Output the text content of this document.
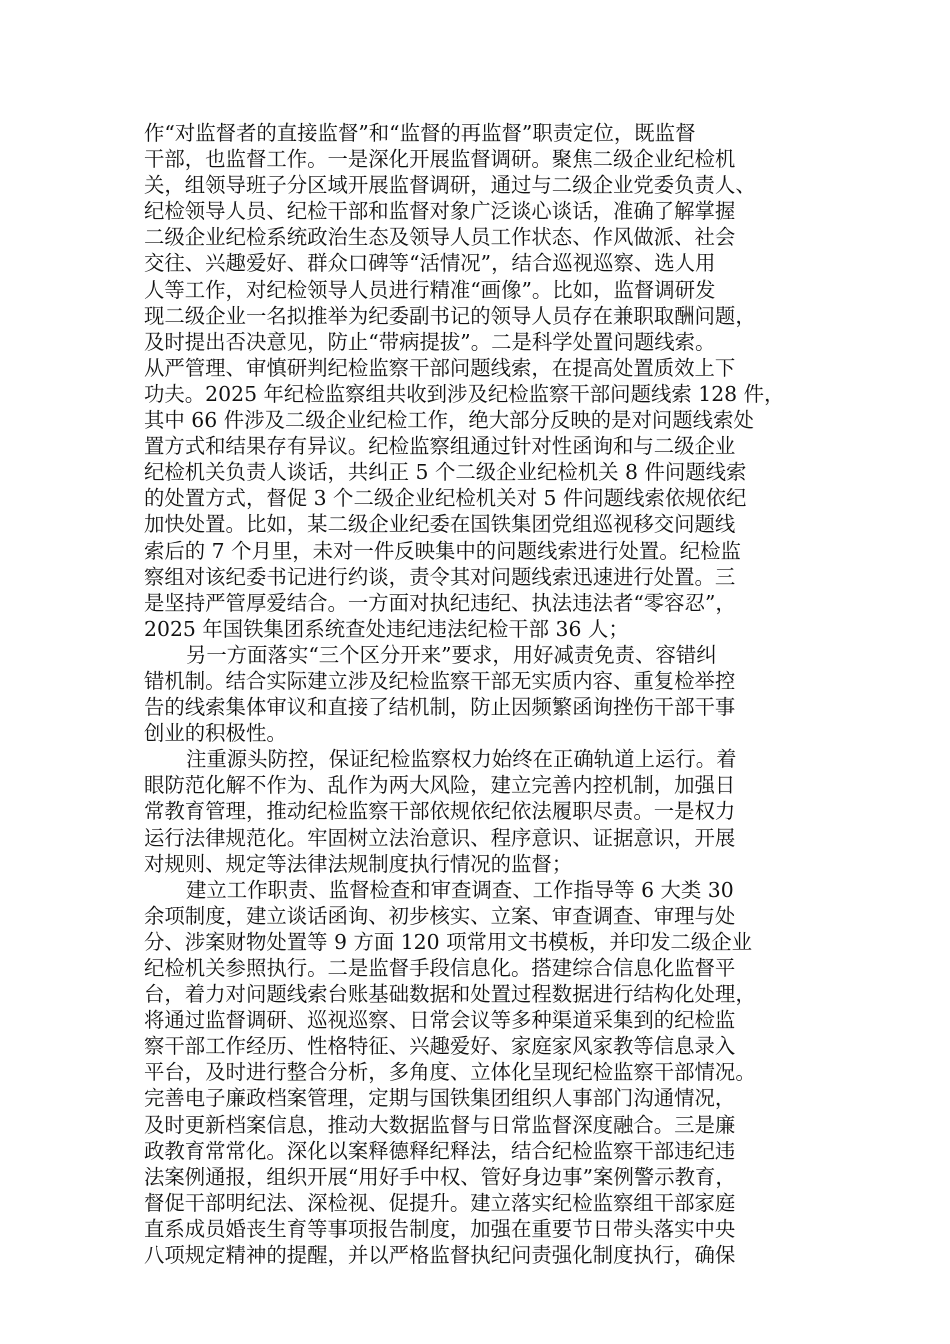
作“对监督者的直接监督”和“监督的再监督”职责定位，既监督
干部，也监督工作。一是深化开展监督调研。聚焦二级企业纪检机
关，组领导班子分区域开展监督调研，通过与二级企业党委负责人、
纪检领导人员、纪检干部和监督对象广泛谈心谈话，准确了解掌握
二级企业纪检系统政治生态及领导人员工作状态、作风做派、社会
交往、兴趣爱好、群众口碑等“活情况”，结合巡视巡察、选人用
人等工作，对纪检领导人员进行精准“画像”。比如，监督调研发
现二级企业一名拟推举为纪委副书记的领导人员存在兼职取酬问题，
及时提出否决意见，防止“带病提拔”。二是科学处置问题线索。
从严管理、审慎研判纪检监察干部问题线索，在提高处置质效上下
功夫。2025 年纪检监察组共收到涉及纪检监察干部问题线索 128 件，
其中 66 件涉及二级企业纪检工作，绝大部分反映的是对问题线索处
置方式和结果存有异议。纪检监察组通过针对性函询和与二级企业
纪检机关负责人谈话，共纠正 5 个二级企业纪检机关 8 件问题线索
的处置方式，督促 3 个二级企业纪检机关对 5 件问题线索依规依纪
加快处置。比如，某二级企业纪委在国铁集团党组巡视移交问题线
索后的 7 个月里，未对一件反映集中的问题线索进行处置。纪检监
察组对该纪委书记进行约谈，责令其对问题线索迅速进行处置。三
是坚持严管厚爱结合。一方面对执纪违纪、执法违法者“零容忍”，
2025 年国铁集团系统查处违纪违法纪检干部 36 人；
另一方面落实“三个区分开来”要求，用好减责免责、容错纠
错机制。结合实际建立涉及纪检监察干部无实质内容、重复检举控
告的线索集体审议和直接了结机制，防止因频繁函询挫伤干部干事
创业的积极性。
注重源头防控，保证纪检监察权力始终在正确轨道上运行。着
眼防范化解不作为、乱作为两大风险，建立完善内控机制，加强日
常教育管理，推动纪检监察干部依规依纪依法履职尽责。一是权力
运行法律规范化。牢固树立法治意识、程序意识、证据意识，开展
对规则、规定等法律法规制度执行情况的监督；
建立工作职责、监督检查和审查调查、工作指导等 6 大类 30
余项制度，建立谈话函询、初步核实、立案、审查调查、审理与处
分、涉案财物处置等 9 方面 120 项常用文书模板，并印发二级企业
纪检机关参照执行。二是监督手段信息化。搭建综合信息化监督平
台，着力对问题线索台账基础数据和处置过程数据进行结构化处理，
将通过监督调研、巡视巡察、日常会议等多种渠道采集到的纪检监
察干部工作经历、性格特征、兴趣爱好、家庭家风家教等信息录入
平台，及时进行整合分析，多角度、立体化呈现纪检监察干部情况。
完善电子廉政档案管理，定期与国铁集团组织人事部门沟通情况，
及时更新档案信息，推动大数据监督与日常监督深度融合。三是廉
政教育常常化。深化以案释德释纪释法，结合纪检监察干部违纪违
法案例通报，组织开展“用好手中权、管好身边事”案例警示教育，
督促干部明纪法、深检视、促提升。建立落实纪检监察组干部家庭
直系成员婚丧生育等事项报告制度，加强在重要节日带头落实中央
八项规定精神的提醒，并以严格监督执纪问责强化制度执行，确保
